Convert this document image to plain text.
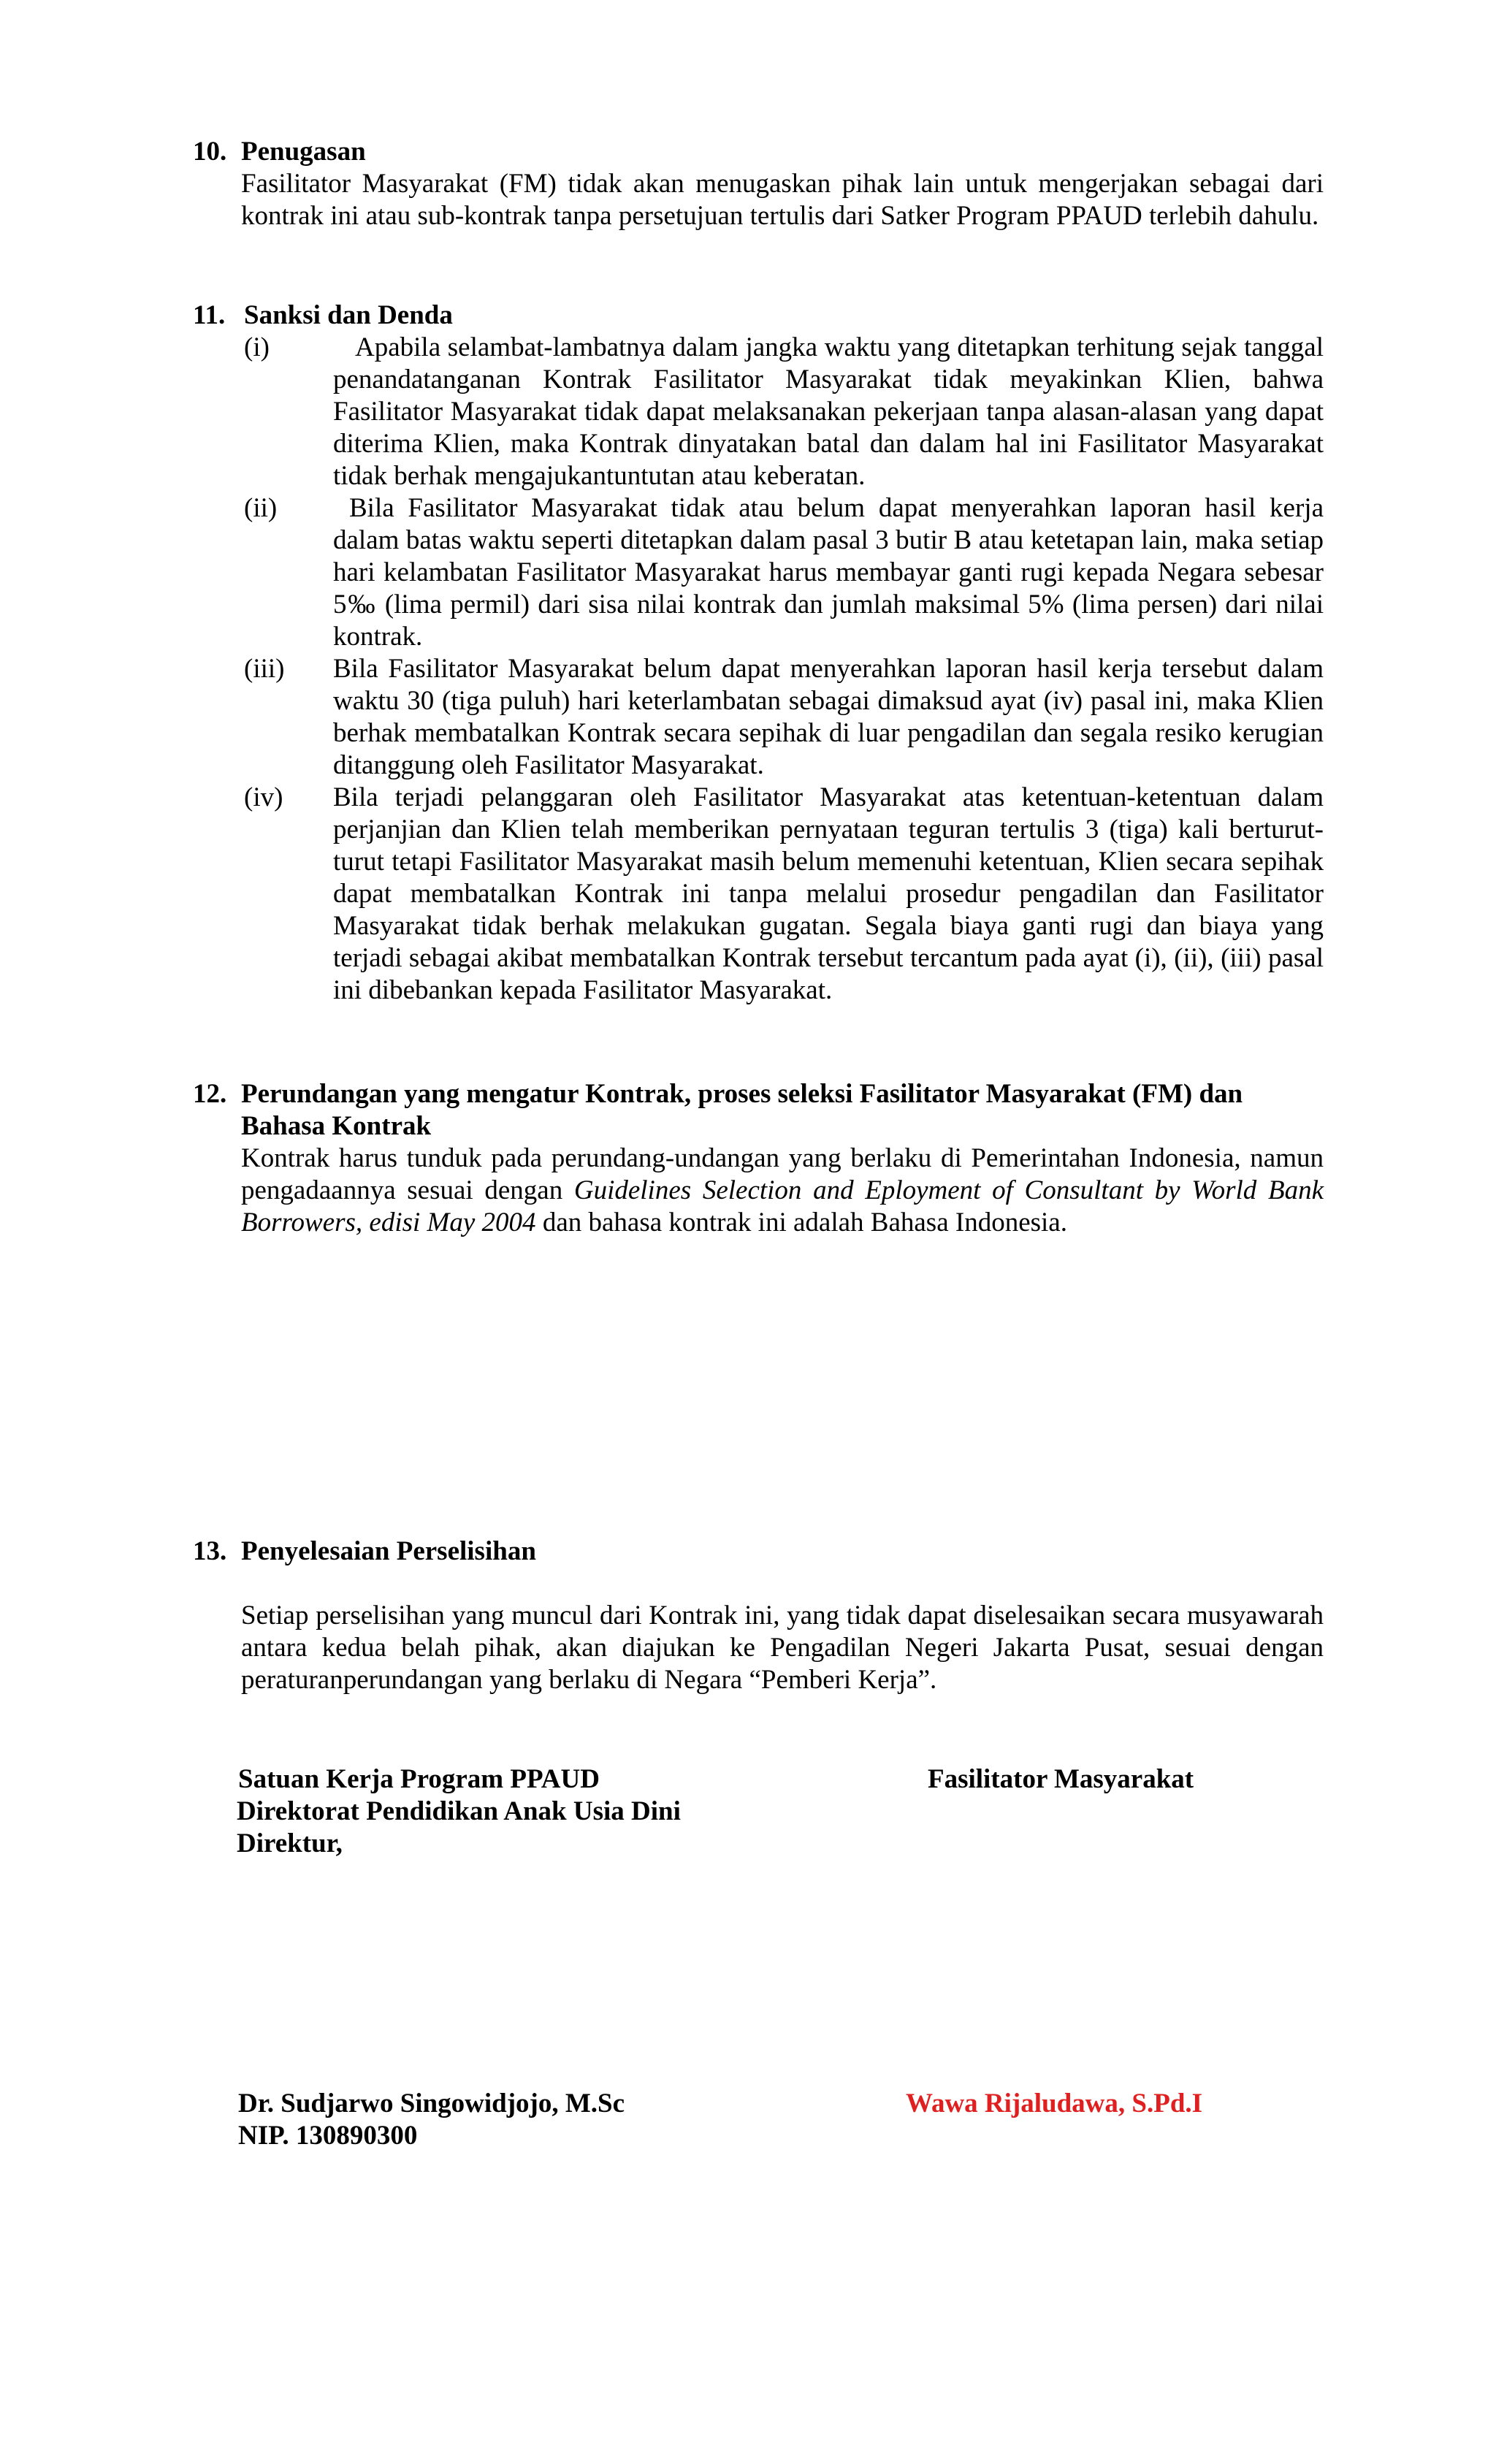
10. Penugasan
Fasilitator Masyarakat (FM) tidak akan menugaskan pihak lain untuk mengerjakan sebagai dari kontrak ini atau sub-kontrak tanpa persetujuan tertulis dari Satker Program PPAUD terlebih dahulu.
11. Sanksi dan Denda
(i)	Apabila selambat-lambatnya dalam jangka waktu yang ditetapkan terhitung sejak tanggal penandatanganan Kontrak Fasilitator Masyarakat tidak meyakinkan Klien, bahwa Fasilitator Masyarakat tidak dapat melaksanakan pekerjaan tanpa alasan-alasan yang dapat diterima Klien, maka Kontrak dinyatakan batal dan dalam hal ini Fasilitator Masyarakat tidak berhak mengajukantuntutan atau keberatan.
(ii)	Bila Fasilitator Masyarakat tidak atau belum dapat menyerahkan laporan hasil kerja dalam batas waktu seperti ditetapkan dalam pasal 3 butir B atau ketetapan lain, maka setiap hari kelambatan Fasilitator Masyarakat harus membayar ganti rugi kepada Negara sebesar 5‰ (lima permil) dari sisa nilai kontrak dan jumlah maksimal 5% (lima persen) dari nilai kontrak.
(iii)	Bila Fasilitator Masyarakat belum dapat menyerahkan laporan hasil kerja tersebut dalam waktu 30 (tiga puluh) hari keterlambatan sebagai dimaksud ayat (iv) pasal ini, maka Klien berhak membatalkan Kontrak secara sepihak di luar pengadilan dan segala resiko kerugian ditanggung oleh Fasilitator Masyarakat.
(iv)	Bila terjadi pelanggaran oleh Fasilitator Masyarakat atas ketentuan-ketentuan dalam perjanjian dan Klien telah memberikan pernyataan teguran tertulis 3 (tiga) kali berturut-turut tetapi Fasilitator Masyarakat masih belum memenuhi ketentuan, Klien secara sepihak dapat membatalkan Kontrak ini tanpa melalui prosedur pengadilan dan Fasilitator Masyarakat tidak berhak melakukan gugatan. Segala biaya ganti rugi dan biaya yang terjadi sebagai akibat membatalkan Kontrak tersebut tercantum pada ayat (i), (ii), (iii) pasal ini dibebankan kepada Fasilitator Masyarakat.
12. Perundangan yang mengatur Kontrak, proses seleksi Fasilitator Masyarakat (FM) dan Bahasa Kontrak
Kontrak harus tunduk pada perundang-undangan yang berlaku di Pemerintahan Indonesia, namun pengadaannya sesuai dengan Guidelines Selection and Eployment of Consultant by World Bank Borrowers, edisi May 2004 dan bahasa kontrak ini adalah Bahasa Indonesia.
13. Penyelesaian Perselisihan
Setiap perselisihan yang muncul dari Kontrak ini, yang tidak dapat diselesaikan secara musyawarah antara kedua belah pihak, akan diajukan ke Pengadilan Negeri Jakarta Pusat, sesuai dengan peraturanperundangan yang berlaku di Negara “Pemberi Kerja”.
Satuan Kerja Program PPAUD
Direktorat Pendidikan Anak Usia Dini
Direktur,
Fasilitator Masyarakat
Dr. Sudjarwo Singowidjojo, M.Sc
NIP. 130890300
Wawa Rijaludawa, S.Pd.I
